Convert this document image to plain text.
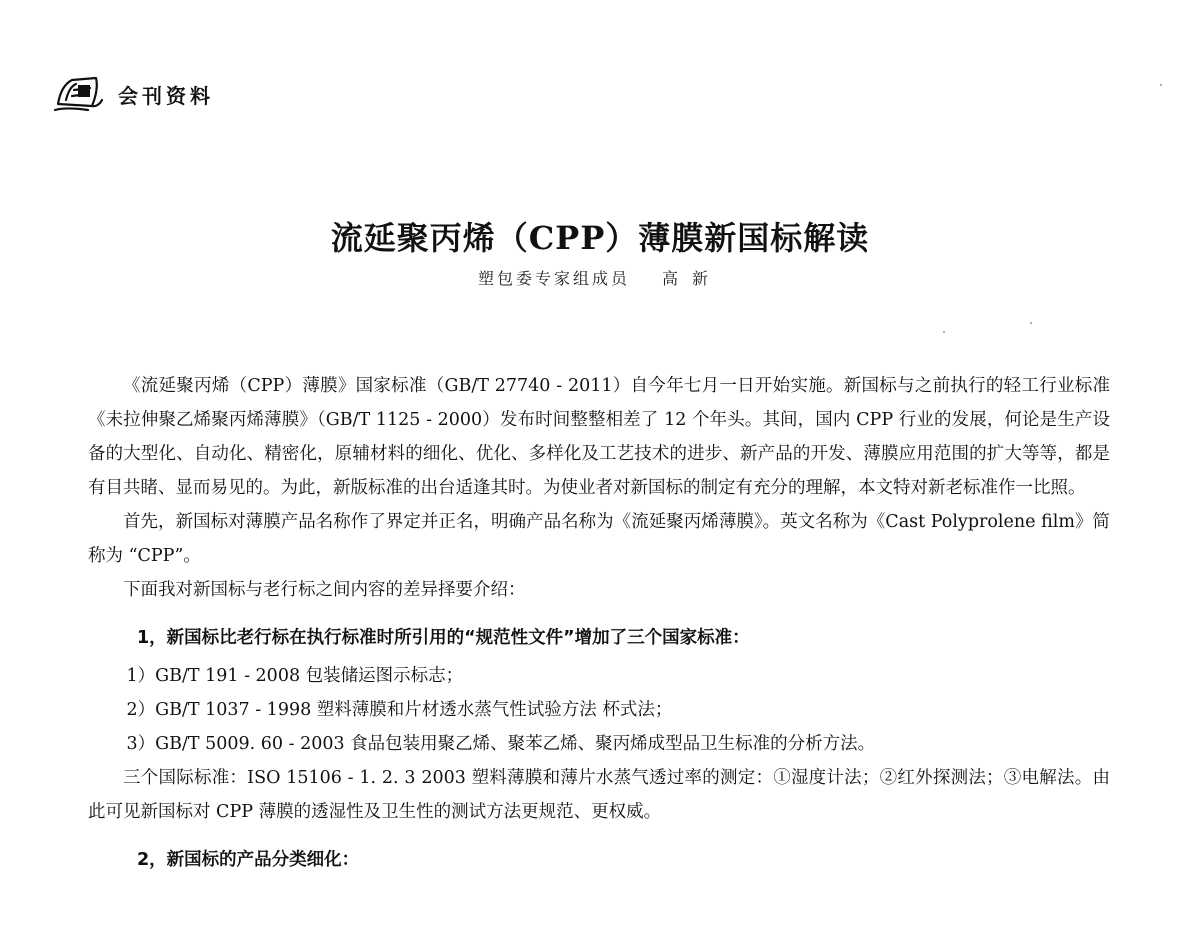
会刊资料
流延聚丙烯（CPP）薄膜新国标解读
塑包委专家组成员 高新

《流延聚丙烯（CPP）薄膜》国家标准（GB/T 27740 - 2011）自今年七月一日开始实施。新国标与之前执行的轻工行业标准《未拉伸聚乙烯聚丙烯薄膜》（GB/T 1125 - 2000）发布时间整整相差了 12 个年头。其间，国内 CPP 行业的发展，何论是生产设备的大型化、自动化、精密化，原辅材料的细化、优化、多样化及工艺技术的进步、新产品的开发、薄膜应用范围的扩大等等，都是有目共睹、显而易见的。为此，新版标准的出台适逢其时。为使业者对新国标的制定有充分的理解，本文特对新老标准作一比照。

首先，新国标对薄膜产品名称作了界定并正名，明确产品名称为《流延聚丙烯薄膜》。英文名称为《Cast Polyprolene film》简称为 “CPP”。

下面我对新国标与老行标之间内容的差异择要介绍：

1，新国标比老行标在执行标准时所引用的“规范性文件”增加了三个国家标准：
1）GB/T 191 - 2008 包装储运图示标志；
2）GB/T 1037 - 1998 塑料薄膜和片材透水蒸气性试验方法 杯式法；
3）GB/T 5009. 60 - 2003 食品包装用聚乙烯、聚苯乙烯、聚丙烯成型品卫生标准的分析方法。

三个国际标准：ISO 15106 - 1. 2. 3 2003 塑料薄膜和薄片水蒸气透过率的测定：①湿度计法；②红外探测法；③电解法。由此可见新国标对 CPP 薄膜的透湿性及卫生性的测试方法更规范、更权威。

2，新国标的产品分类细化：
